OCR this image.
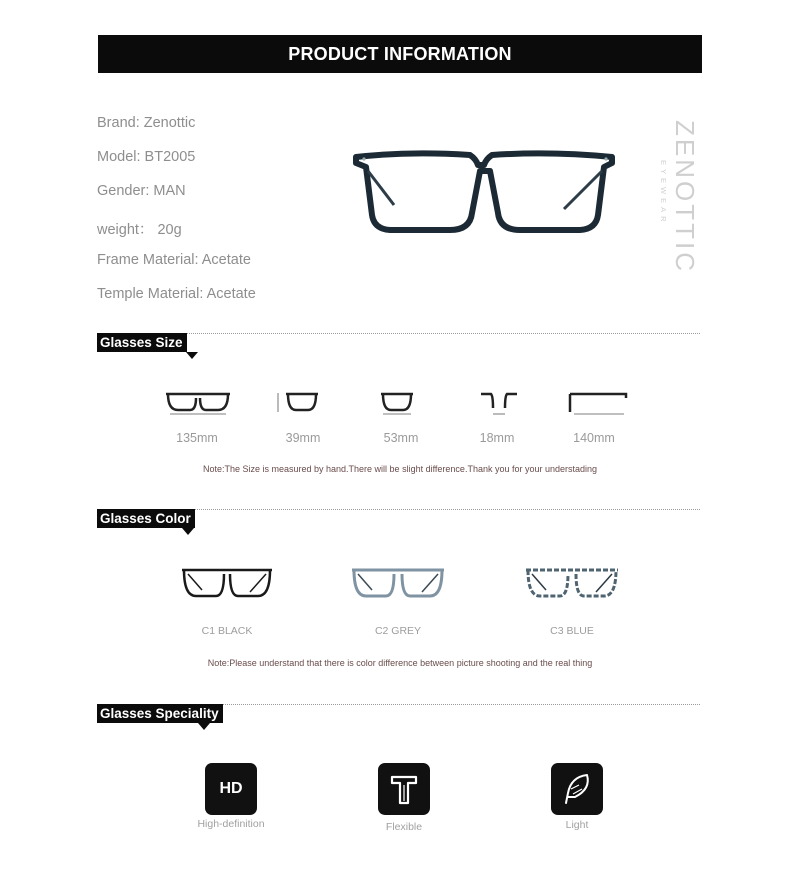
PRODUCT INFORMATION
Brand: Zenottic
Model: BT2005
Gender: MAN
weight： 20g
Frame Material: Acetate
Temple Material: Acetate
ZENOTTIC
EYEWEAR
Glasses Size
135mm	39mm	53mm	18mm	140mm
Note:The Size is measured by hand.There will be slight difference.Thank you for your understading
Glasses Color
C1 BLACK	C2 GREY	C3 BLUE
Note:Please understand that there is color difference between picture shooting and the real thing
Glasses Speciality
HD
High-definition	Flexible	Light
